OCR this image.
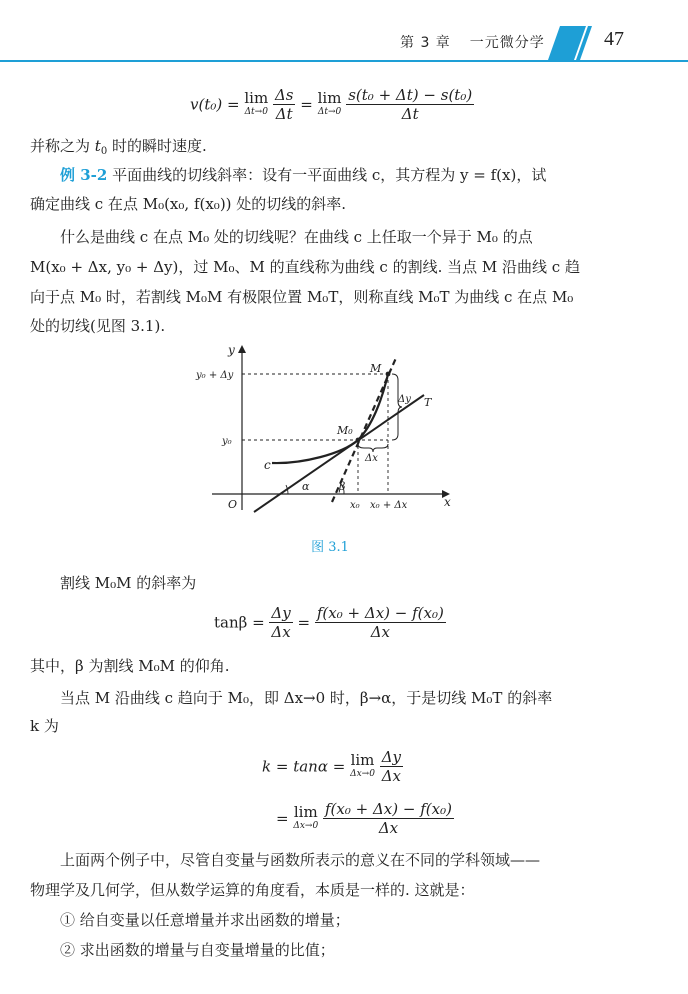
第 3 章 一元微分学	47
v(t₀) = lim
Δt→0
$\frac{\Delta s}{\Delta t} = \lim$
Δt→0
$\frac{\text{s(t₀ + Δt) − s(t₀)}}{\Delta t}$
并称之为 $t_0$ 时的瞬时速度.
例 3-2 平面曲线的切线斜率：设有一平面曲线 c，其方程为 y = f(x)，试
确定曲线 c 在点 M₀(x₀, f(x₀)) 处的切线的斜率.
什么是曲线 c 在点 M₀ 处的切线呢？在曲线 c 上任取一个异于 M₀ 的点
M(x₀ + Δx, y₀ + Δy)，过 M₀、M 的直线称为曲线 c 的割线. 当点 M 沿曲线 c 趋
向于点 M₀ 时，若割线 M₀M 有极限位置 M₀T，则称直线 M₀T 为曲线 c 在点 M₀
处的切线(见图 3.1).
y
x
O
y₀ + Δy
y₀
x₀ x₀ + Δx
c
M
M₀
T
Δy
Δx
α	β
图 3.1
割线 M₀M 的斜率为
$\tan\beta = \frac{\Delta y}{\Delta x} = \frac{\text{f(x₀ + Δx) − f(x₀)}}{\Delta x}$
其中，β 为割线 M₀M 的仰角.
当点 M 沿曲线 c 趋向于 M₀，即 Δx→0 时，β→α，于是切线 M₀T 的斜率
k 为
k = tanα = lim
Δx→0
$\frac{\Delta y}{\Delta x}$
= lim
Δx→0
$\frac{\text{f(x₀ + Δx) − f(x₀)}}{\Delta x}$
上面两个例子中，尽管自变量与函数所表示的意义在不同的学科领域——
物理学及几何学，但从数学运算的角度看，本质是一样的. 这就是：
① 给自变量以任意增量并求出函数的增量；
② 求出函数的增量与自变量增量的比值；
